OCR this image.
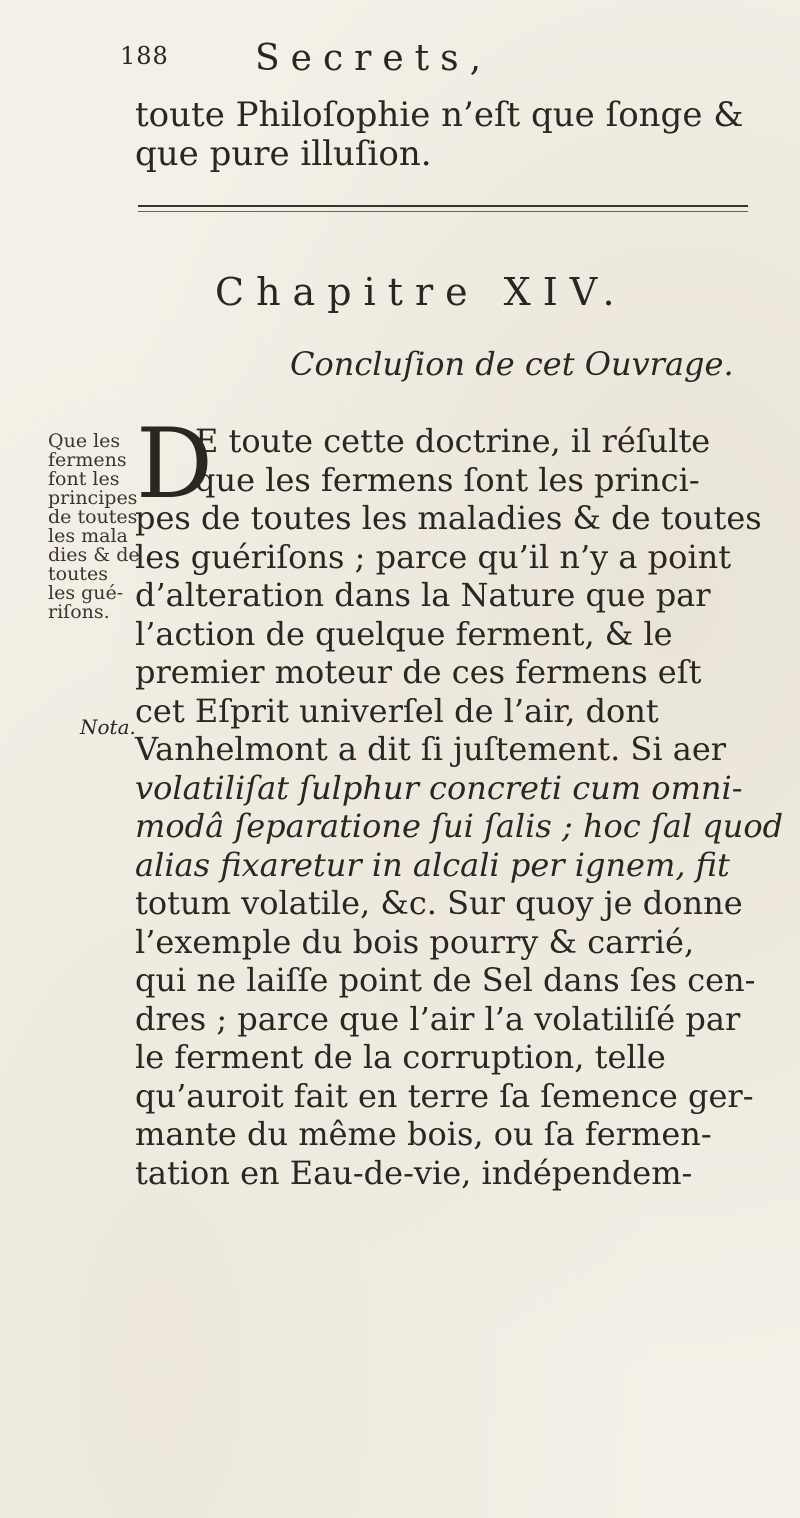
188 Secrets,
toute Philoſophie n’eſt que ſonge &
que pure illuſion.
Chapitre XIV.
Concluſion de cet Ouvrage.
Que les
fermens
font les
principes
de toutes
les mala
dies & de
toutes
les gué-
riſons.
Nota.
D
E toute cette doctrine, il réſulte
que les fermens ſont les princi-
pes de toutes les maladies & de toutes
les guériſons ; parce qu’il n’y a point
d’alteration dans la Nature que par
l’action de quelque ferment, & le
premier moteur de ces fermens eſt
cet Eſprit univerſel de l’air, dont
Vanhelmont a dit ſi juſtement. Si aer
volatiliſat ſulphur concreti cum omni-
modâ ſeparatione ſui ſalis ; hoc ſal quod
alias fixaretur in alcali per ignem, fit
totum volatile, &c. Sur quoy je donne
l’exemple du bois pourry & carrié,
qui ne laiſſe point de Sel dans ſes cen-
dres ; parce que l’air l’a volatiliſé par
le ferment de la corruption, telle
qu’auroit fait en terre ſa ſemence ger-
mante du même bois, ou ſa fermen-
tation en Eau-de-vie, indépendem-
